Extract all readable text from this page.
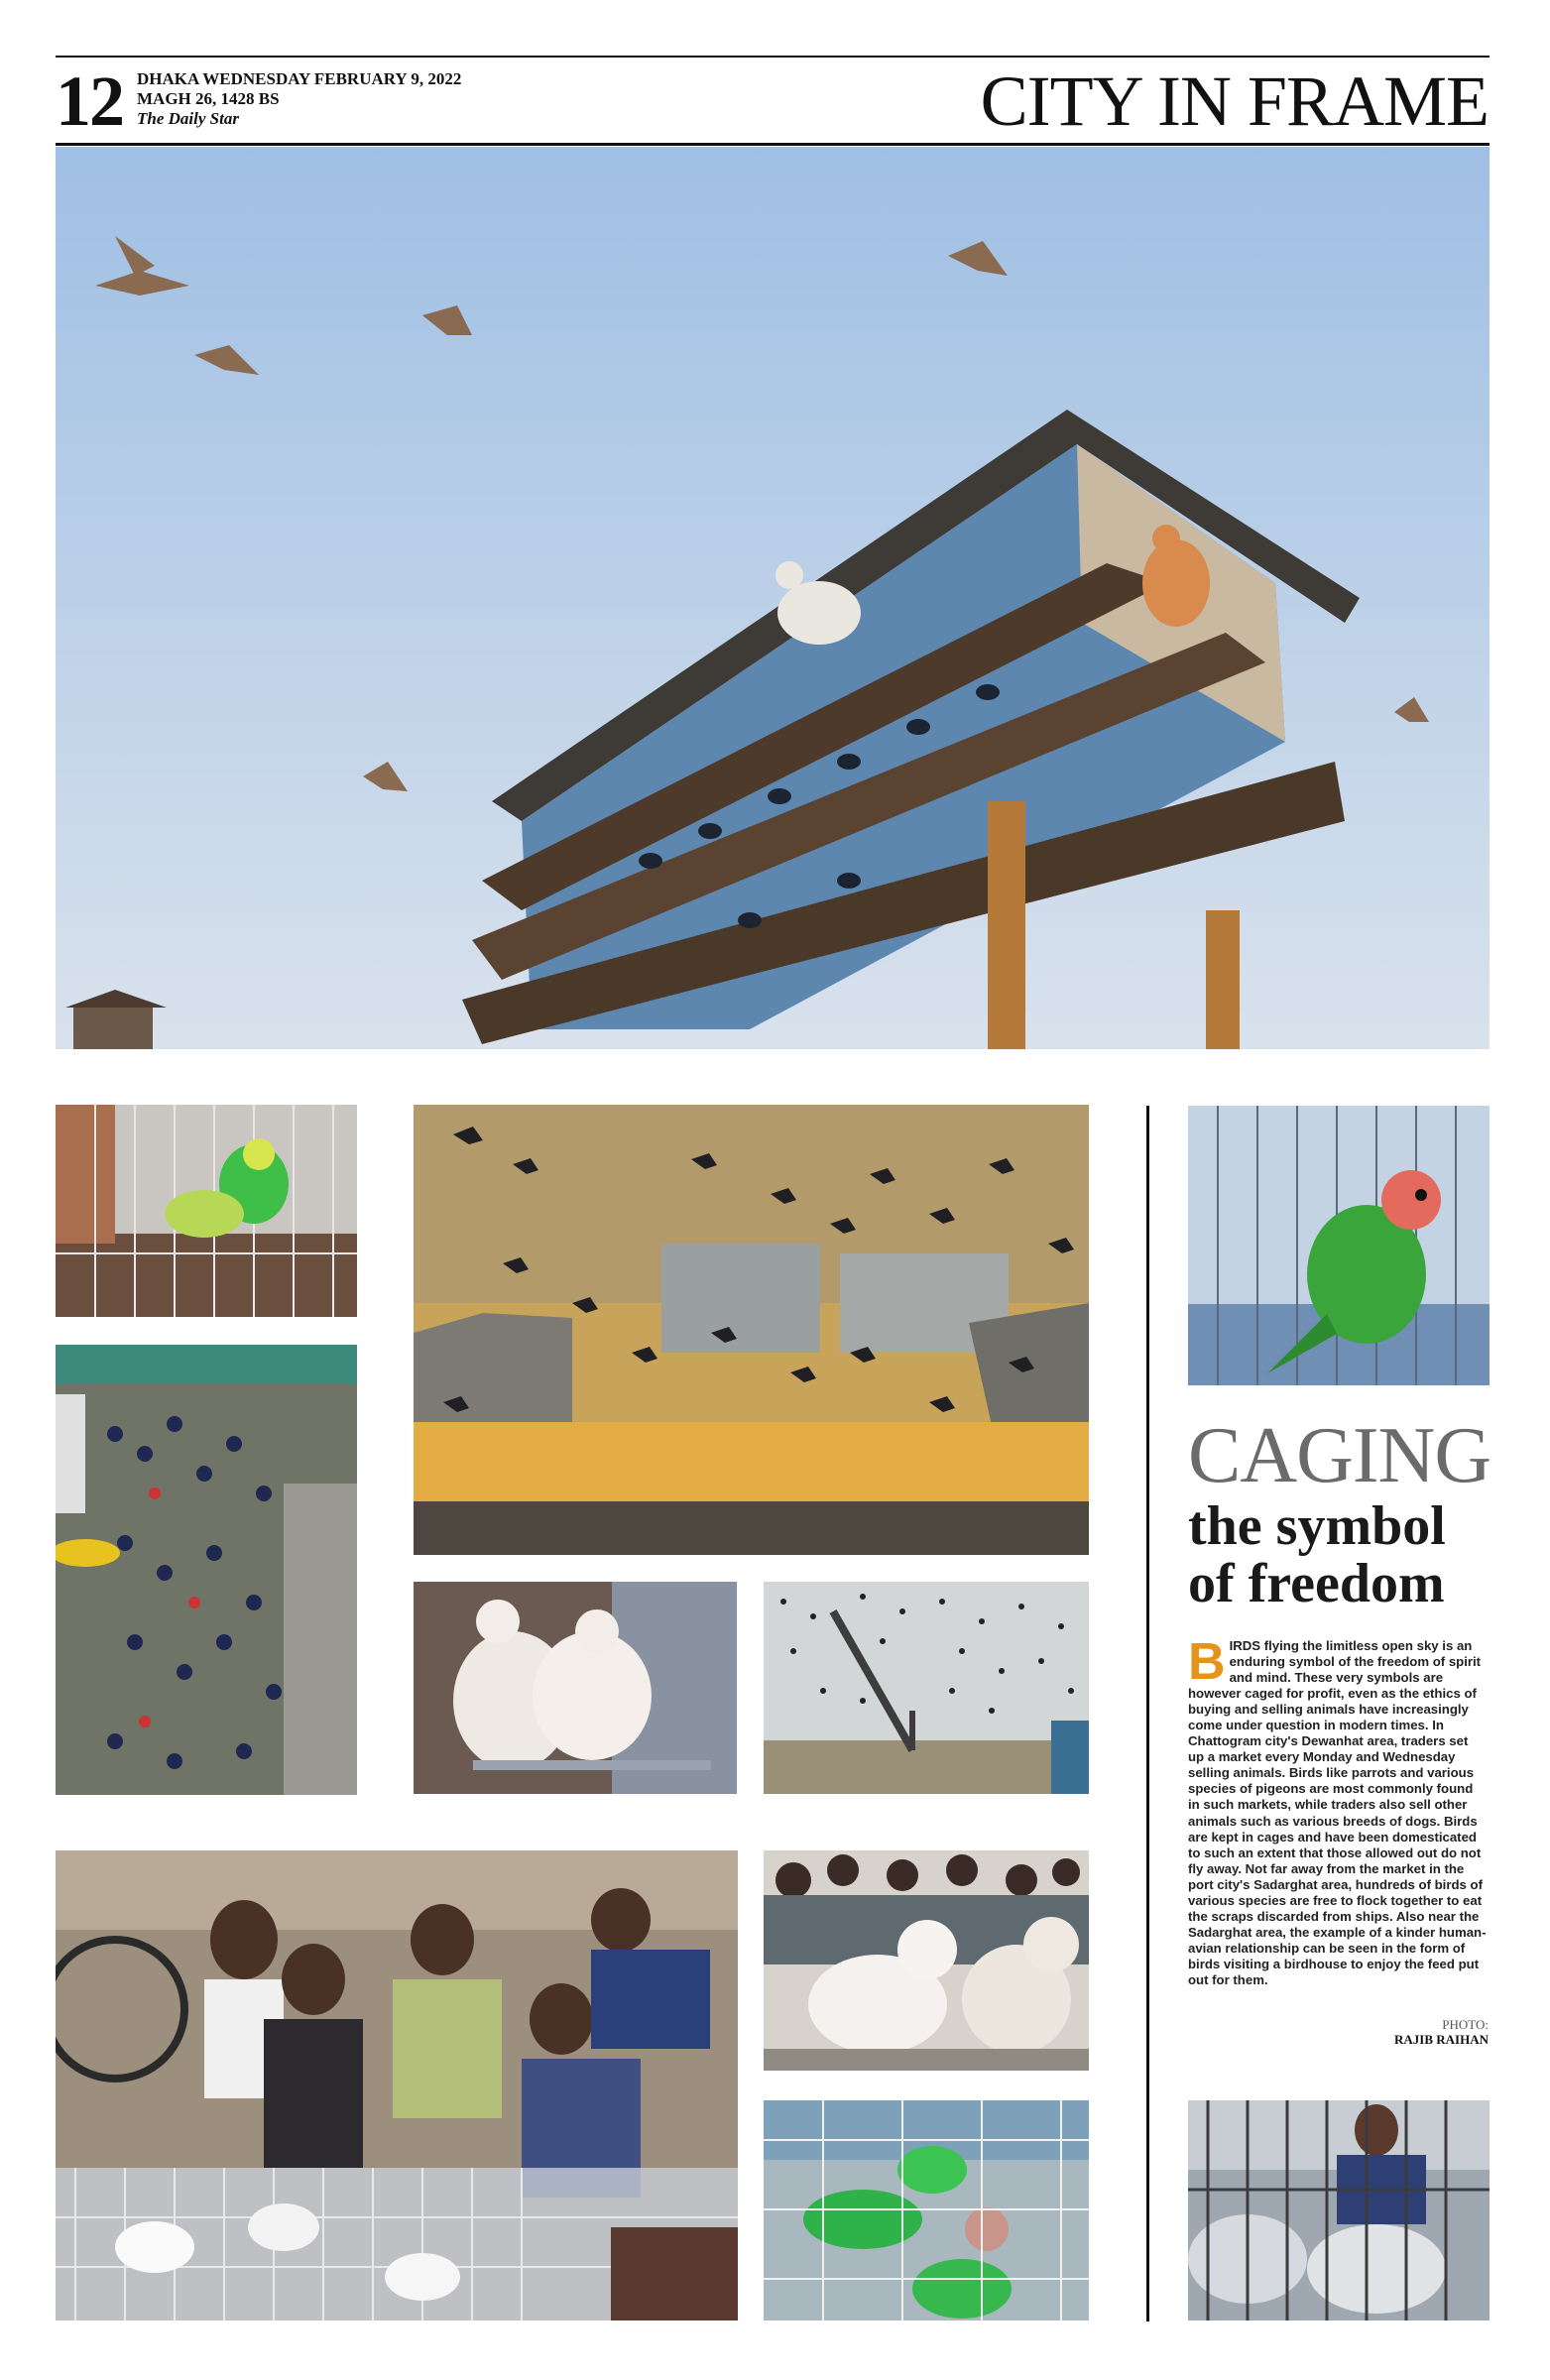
12 DHAKA WEDNESDAY FEBRUARY 9, 2022
MAGH 26, 1428 BS
The Daily Star	CITY IN FRAME
CAGING
the symbol
of freedom
BIRDS flying the limitless open sky is an enduring symbol of the freedom of spirit and mind. These very symbols are however caged for profit, even as the ethics of buying and selling animals have increasingly come under question in modern times. In Chattogram city's Dewanhat area, traders set up a market every Monday and Wednesday selling animals. Birds like parrots and various species of pigeons are most commonly found in such markets, while traders also sell other animals such as various breeds of dogs. Birds are kept in cages and have been domesticated to such an extent that those allowed out do not fly away. Not far away from the market in the port city's Sadarghat area, hundreds of birds of various species are free to flock together to eat the scraps discarded from ships. Also near the Sadarghat area, the example of a kinder human-avian relationship can be seen in the form of birds visiting a birdhouse to enjoy the feed put out for them.
PHOTO:
RAJIB RAIHAN
